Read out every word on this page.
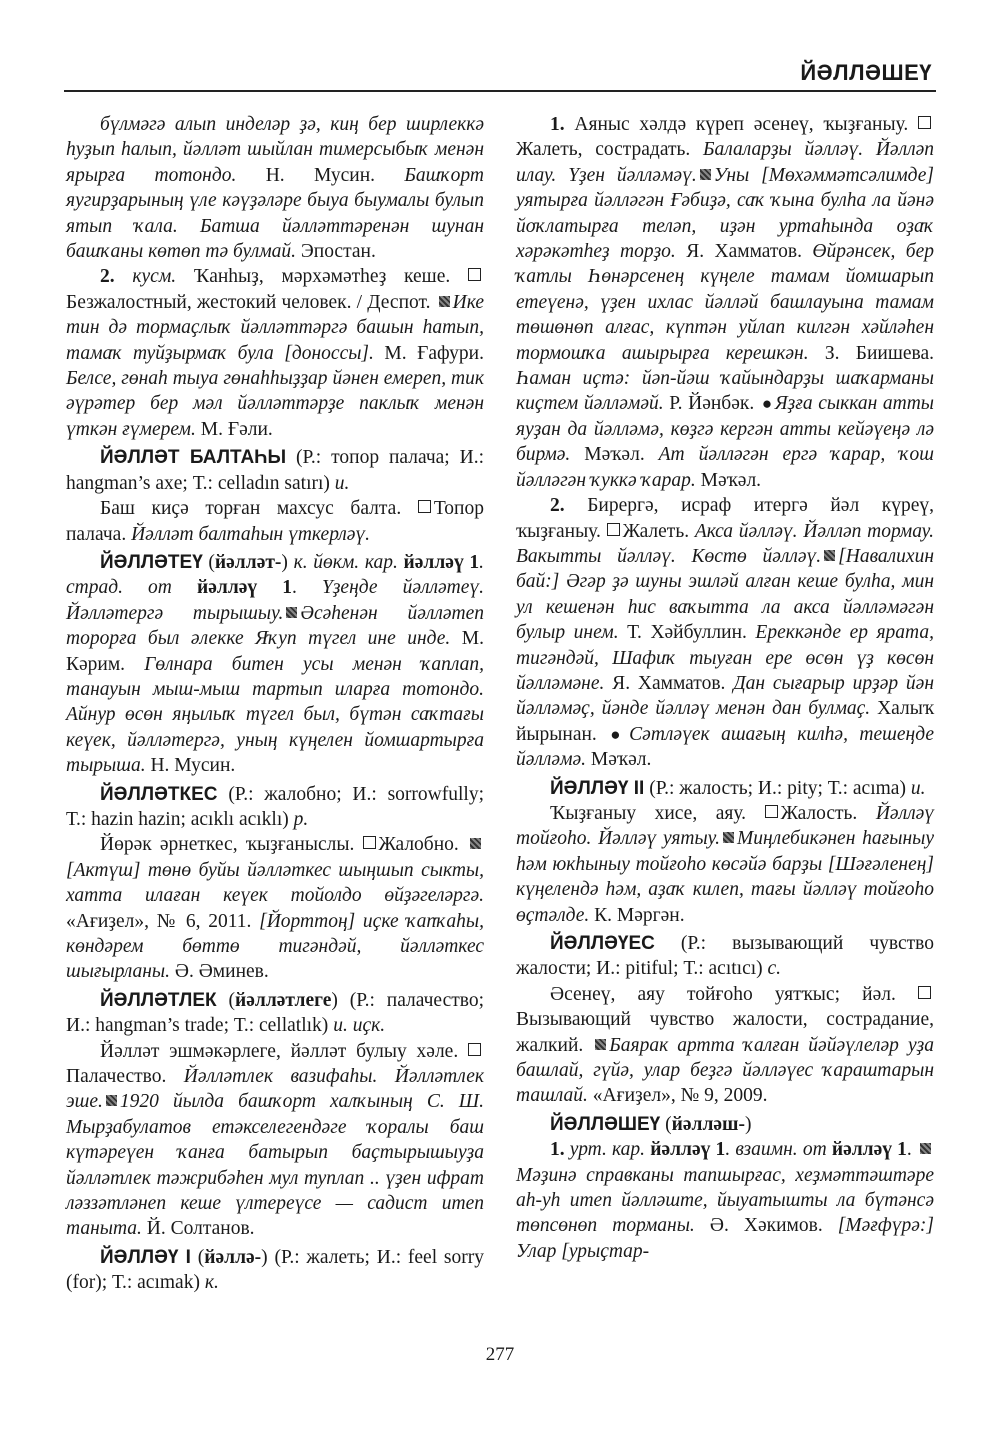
ЙӘЛЛӘШЕҮ

бүлмәгә алып инделәр ҙә, киң бер ширлеккә һуҙып һалып, йәлләт шыйлан тимерсыбыҡ менән ярырға тотондо. Н. Мусин. Башҡорт яугирҙарының үле кәүҙәләре быуа быумалы булып ятып ҡала. Батша йәлләттәренән шунан башҡаны көтөп тә булмай. Эпостан.

2. кусм. Ҡанһыҙ, мәрхәмәтһеҙ кеше. Безжалостный, жестокий человек. / Деспот. Ике тин дә тормаҫлыҡ йәлләттәргә башын һатып, тамаҡ туйҙырмаҡ була [доноссы]. М. Ғафури. Белсе, гөнаһ тыуа гөнаһһыҙҙар йәнен емереп, тик әүрәтер бер мәл йәлләттәрҙе паклыҡ менән үткән ғүмерем. М. Ғәли.

ЙӘЛЛӘТ БАЛТАҺЫ (Р.: топор палача; И.: hangman’s axe; Т.: celladın satırı) и.

Баш киҫә торған махсус балта. Топор палача. Йәлләт балтаһын үткерләү.

ЙӘЛЛӘТЕҮ (йәлләт-) к. йөкм. кар. йәлләү 1. страд. от йәлләү 1. Үҙеңде йәлләтеү. Йәлләтергә тырышыу. Әсәһенән йәлләтеп торорға был әлекке Яҡуп түгел ине инде. М. Кәрим. Гөлнара битен усы менән ҡаплап, танауын мыш-мыш тартып иларға тотондо. Айнур өсөн яңылыҡ түгел был, бүтән саҡтағы кеүек, йәлләтергә, уның күңелен йомшартырға тырыша. Н. Мусин.

ЙӘЛЛӘТКЕС (Р.: жалобно; И.: sorrowfully; Т.: hazin hazin; acıklı acıklı) р.

Йөрәк әрнеткес, ҡыҙғаныслы. Жалобно. [Актүш] төнө буйы йәлләткес шыңшып сыкты, хатта илаған кеүек тойолдо өйҙәгеләргә. «Ағиҙел», № 6, 2011. [Йорттоң] иҫке ҡапҡаһы, көндәрем бөттө тигәндәй, йәлләткес шығырланы. Ә. Әминев.

ЙӘЛЛӘТЛЕК (йәлләтлеге) (Р.: палачество; И.: hangman’s trade; Т.: cellatlık) и. иҫк.

Йәлләт эшмәкәрлеге, йәлләт булыу хәле. Палачество. Йәлләтлек вазифаһы. Йәлләтлек эше. 1920 йылда башҡорт халҡының С. Ш. Мырҙабулатов етәкселегендәге ҡоралы баш күтәреүен ҡанға батырып баҫтырышыуҙа йәлләтлек тәжрибәһен мул туплап .. үҙен ифрат ләззәтләнеп кеше үлтереүсе — садист итеп таныта. Й. Солтанов.

ЙӘЛЛӘҮ I (йәллә-) (Р.: жалеть; И.: feel sorry (for); Т.: acımak) к.

1. Аяныс хәлдә күреп әсенеү, ҡыҙғаныу. Жалеть, сострадать. Балаларҙы йәлләү. Йәлләп илау. Үҙен йәлләмәү. Уны [Мөхәммәтсәлимде] уятырға йәлләгән Ғәбиҙә, саҡ ҡына булһа ла йәнә йоҡлатырға теләп, иҙән уртаһында оҙаҡ хәрәкәтһеҙ торҙо. Я. Хамматов. Өйрәнсек, бер ҡатлы Һөнәрсенең күңеле тамам йомшарып етеүенә, үҙен ихлас йәлләй башлауына тамам төшөнөп алғас, күптән уйлап килгән хәйләһен тормошҡа ашырырға керешкән. З. Биишева. Һаман иҫтә: йәп-йәш ҡайындарҙы шаҡарманы киҫтем йәлләмәй. Р. Йәнбәк. ● Яҙға сыккан атты яуҙан да йәлләмә, көҙгә кергән атты кейәүеңә лә бирмә. Мәҡәл. Ат йәлләгән ергә ҡарар, ҡош йәлләгән ҡуккә ҡарар. Мәҡәл.

2. Бирергә, исраф итергә йәл күреү, ҡыҙғаныу. Жалеть. Акса йәлләү. Йәлләп тормау. Вакытты йәлләү. Көстө йәлләү. [Навалихин бай:] Әгәр ҙә шуны эшләй алған кеше булһа, мин ул кешенән һис ваҡытта ла акса йәлләмәгән булыр инем. Т. Хәйбуллин. Ереккәнде ер ярата, тигәндәй, Шафиҡ тыуған ере өсөн үҙ көсөн йәлләмәне. Я. Хамматов. Дан сығарыр ирҙәр йән йәлләмәҫ, йәнде йәлләү менән дан булмаҫ. Халыҡ йырынан. ● Сәтләүек ашағың килһә, тешеңде йәлләмә. Мәҡәл.

ЙӘЛЛӘҮ II (Р.: жалость; И.: pity; Т.: acıma) и.

Ҡыҙғаныу хисе, аяу. Жалость. Йәлләү тойғоһо. Йәлләү уятыу. Миңлебикәнен һағыныу һәм юкһыныу тойғоһо көсәйә барҙы [Шәғәленең] күңелендә һәм, аҙаҡ килеп, тағы йәлләү тойғоһо өҫтәлде. К. Мәргән.

ЙӘЛЛӘҮЕС (Р.: вызывающий чувство жалости; И.: pitiful; Т.: acıtıcı) с.

Әсенеү, аяу тойғоһо уятҡыс; йәл. Вызывающий чувство жалости, сострадание, жалкий. Баярак артта ҡалған йәйәүлеләр уҙа башлай, гүйә, улар беҙгә йәлләүес ҡараштарын ташлай. «Ағиҙел», № 9, 2009.

ЙӘЛЛӘШЕҮ (йәлләш-)

1. урт. кар. йәлләү 1. взаимн. от йәлләү 1. Мәҙинә справканы тапшырғас, хеҙмәттәштәре аһ-уһ итеп йәлләште, йыуатышты ла бүтәнсә төпсөнөп торманы. Ә. Хәкимов. [Мәғфүрә:] Улар [урыҫтар-

277
